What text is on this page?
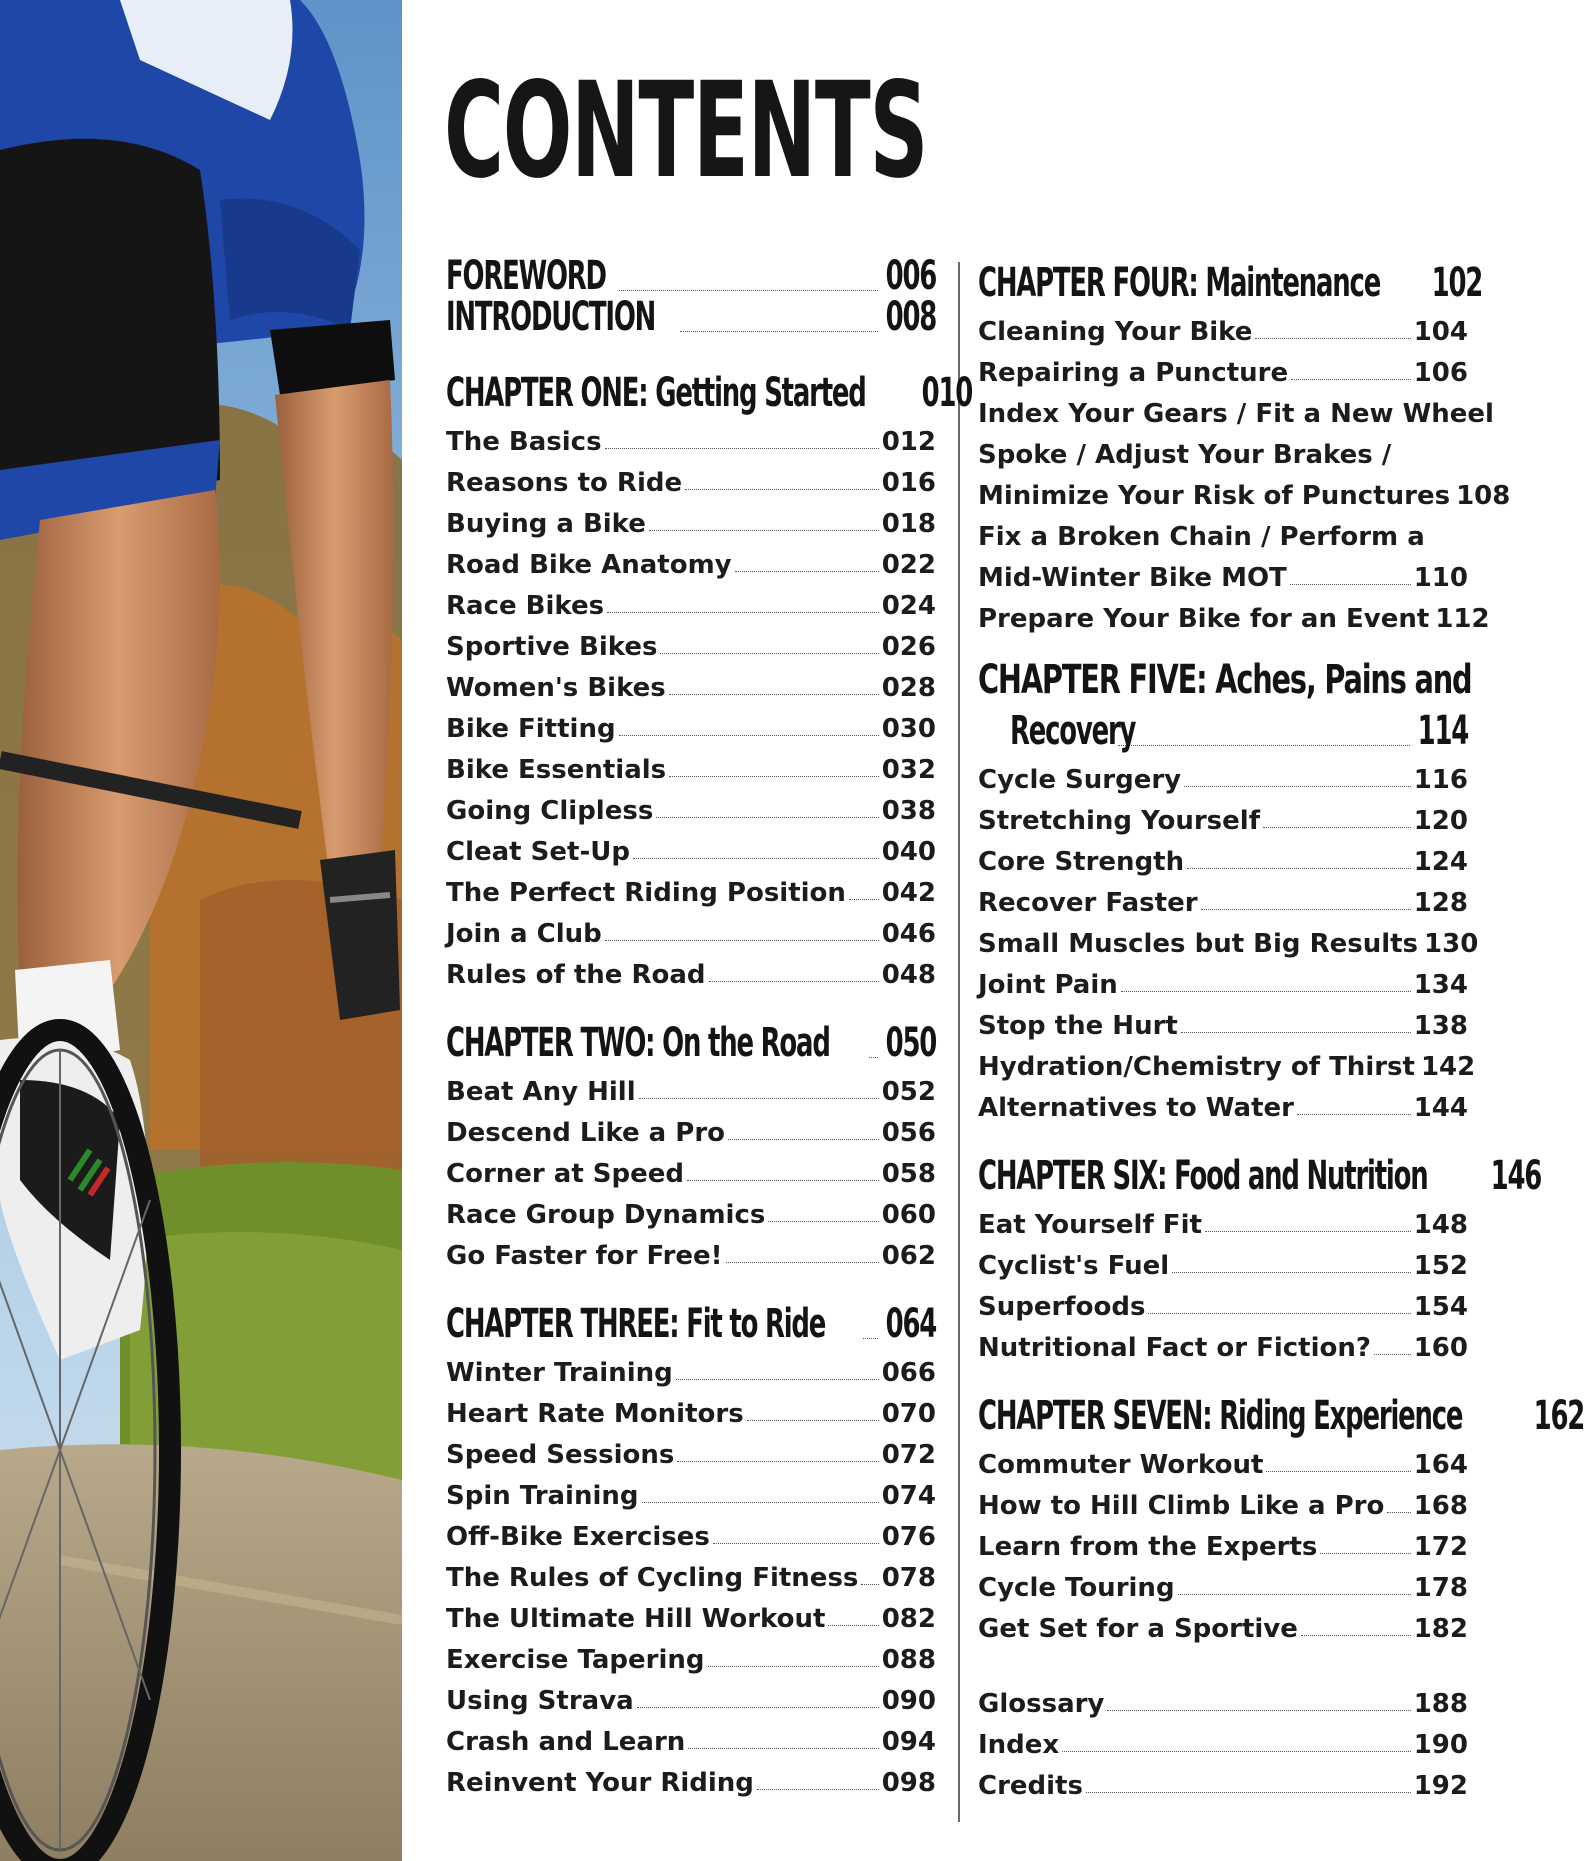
CONTENTS
FOREWORD	006
INTRODUCTION	008
CHAPTER ONE: Getting Started 010
The Basics	012
Reasons to Ride	016
Buying a Bike	018
Road Bike Anatomy	022
Race Bikes	024
Sportive Bikes	026
Women's Bikes	028
Bike Fitting	030
Bike Essentials	032
Going Clipless	038
Cleat Set-Up	040
The Perfect Riding Position 042
Join a Club	046
Rules of the Road	048
CHAPTER TWO: On the Road 050
Beat Any Hill	052
Descend Like a Pro	056
Corner at Speed	058
Race Group Dynamics	060
Go Faster for Free!	062
CHAPTER THREE: Fit to Ride 064
Winter Training	066
Heart Rate Monitors	070
Speed Sessions	072
Spin Training	074
Off-Bike Exercises	076
The Rules of Cycling Fitness 078
The Ultimate Hill Workout 082
Exercise Tapering	088
Using Strava	090
Crash and Learn	094
Reinvent Your Riding	098
CHAPTER FOUR: Maintenance 102
Cleaning Your Bike	104
Repairing a Puncture	106
Index Your Gears / Fit a New Wheel
Spoke / Adjust Your Brakes /
Minimize Your Risk of Punctures 108
Fix a Broken Chain / Perform a
Mid-Winter Bike MOT	110
Prepare Your Bike for an Event 112
CHAPTER FIVE: Aches, Pains and
Recovery	114
Cycle Surgery	116
Stretching Yourself	120
Core Strength	124
Recover Faster	128
Small Muscles but Big Results 130
Joint Pain	134
Stop the Hurt	138
Hydration/Chemistry of Thirst 142
Alternatives to Water	144
CHAPTER SIX: Food and Nutrition 146
Eat Yourself Fit	148
Cyclist's Fuel	152
Superfoods	154
Nutritional Fact or Fiction? 160
CHAPTER SEVEN: Riding Experience 162
Commuter Workout	164
How to Hill Climb Like a Pro 168
Learn from the Experts	172
Cycle Touring	178
Get Set for a Sportive	182
Glossary	188
Index	190
Credits	192
